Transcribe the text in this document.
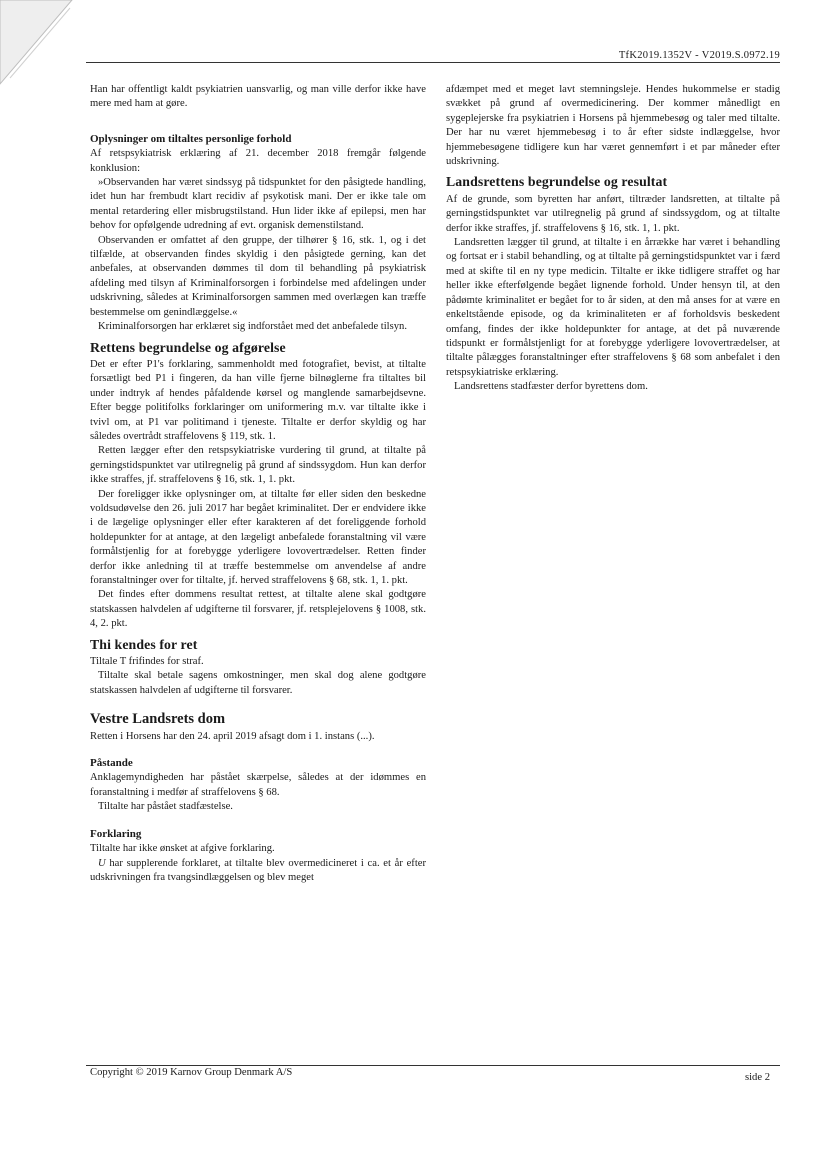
TfK2019.1352V - V2019.S.0972.19

Han har offentligt kaldt psykiatrien uansvarlig, og man ville derfor ikke have mere med ham at gøre.

Oplysninger om tiltaltes personlige forhold

Af retspsykiatrisk erklæring af 21. december 2018 fremgår følgende konklusion:

»Observanden har været sindssyg på tidspunktet for den påsigtede handling, idet hun har frembudt klart recidiv af psykotisk mani. Der er ikke tale om mental retardering eller misbrugstilstand. Hun lider ikke af epilepsi, men har behov for opfølgende udredning af evt. organisk demenstilstand.

Observanden er omfattet af den gruppe, der tilhører § 16, stk. 1, og i det tilfælde, at observanden findes skyldig i den påsigtede gerning, kan det anbefales, at observanden dømmes til dom til behandling på psykiatrisk afdeling med tilsyn af Kriminalforsorgen i forbindelse med afdelingen under udskrivning, således at Kriminalforsorgen sammen med overlægen kan træffe bestemmelse om genindlæggelse.«

Kriminalforsorgen har erklæret sig indforstået med det anbefalede tilsyn.

Rettens begrundelse og afgørelse

Det er efter P1's forklaring, sammenholdt med fotografiet, bevist, at tiltalte forsætligt bed P1 i fingeren, da han ville fjerne bilnøglerne fra tiltaltes bil under indtryk af hendes påfaldende kørsel og manglende samarbejdsevne. Efter begge politifolks forklaringer om uniformering m.v. var tiltalte ikke i tvivl om, at P1 var politimand i tjeneste. Tiltalte er derfor skyldig og har således overtrådt straffelovens § 119, stk. 1.

Retten lægger efter den retspsykiatriske vurdering til grund, at tiltalte på gerningstidspunktet var utilregnelig på grund af sindssygdom. Hun kan derfor ikke straffes, jf. straffelovens § 16, stk. 1, 1. pkt.

Der foreligger ikke oplysninger om, at tiltalte før eller siden den beskedne voldsudøvelse den 26. juli 2017 har begået kriminalitet. Der er endvidere ikke i de lægelige oplysninger eller efter karakteren af det foreliggende forhold holdepunkter for at antage, at den lægeligt anbefalede foranstaltning vil være formålstjenlig for at forebygge yderligere lovovertrædelser. Retten finder derfor ikke anledning til at træffe bestemmelse om anvendelse af andre foranstaltninger over for tiltalte, jf. herved straffelovens § 68, stk. 1, 1. pkt.

Det findes efter dommens resultat rettest, at tiltalte alene skal godtgøre statskassen halvdelen af udgifterne til forsvarer, jf. retsplejelovens § 1008, stk. 4, 2. pkt.

Thi kendes for ret

Tiltale T frifindes for straf.

Tiltalte skal betale sagens omkostninger, men skal dog alene godtgøre statskassen halvdelen af udgifterne til forsvarer.

Vestre Landsrets dom

Retten i Horsens har den 24. april 2019 afsagt dom i 1. instans (...).

Påstande

Anklagemyndigheden har påstået skærpelse, således at der idømmes en foranstaltning i medfør af straffelovens § 68.

Tiltalte har påstået stadfæstelse.

Forklaring

Tiltalte har ikke ønsket at afgive forklaring.

U har supplerende forklaret, at tiltalte blev overmedicineret i ca. et år efter udskrivningen fra tvangsindlæggelsen og blev meget

afdæmpet med et meget lavt stemningsleje. Hendes hukommelse er stadig svækket på grund af overmedicinering. Der kommer månedligt en sygeplejerske fra psykiatrien i Horsens på hjemmebesøg og taler med tiltalte. Der har nu været hjemmebesøg i to år efter sidste indlæggelse, hvor hjemmebesøgene tidligere kun har været gennemført i et par måneder efter udskrivning.

Landsrettens begrundelse og resultat

Af de grunde, som byretten har anført, tiltræder landsretten, at tiltalte på gerningstidspunktet var utilregnelig på grund af sindssygdom, og at tiltalte derfor ikke straffes, jf. straffelovens § 16, stk. 1, 1. pkt.

Landsretten lægger til grund, at tiltalte i en årrække har været i behandling og fortsat er i stabil behandling, og at tiltalte på gerningstidspunktet var i færd med at skifte til en ny type medicin. Tiltalte er ikke tidligere straffet og har heller ikke efterfølgende begået lignende forhold. Under hensyn til, at den pådømte kriminalitet er begået for to år siden, at den må anses for at være en enkeltstående episode, og da kriminaliteten er af forholdsvis beskedent omfang, findes der ikke holdepunkter for antage, at det på nuværende tidspunkt er formålstjenligt for at forebygge yderligere lovovertrædelser, at tiltalte pålægges foranstaltninger efter straffelovens § 68 som anbefalet i den retspsykiatriske erklæring.

Landsrettens stadfæster derfor byrettens dom.

Copyright © 2019 Karnov Group Denmark A/S	side 2
